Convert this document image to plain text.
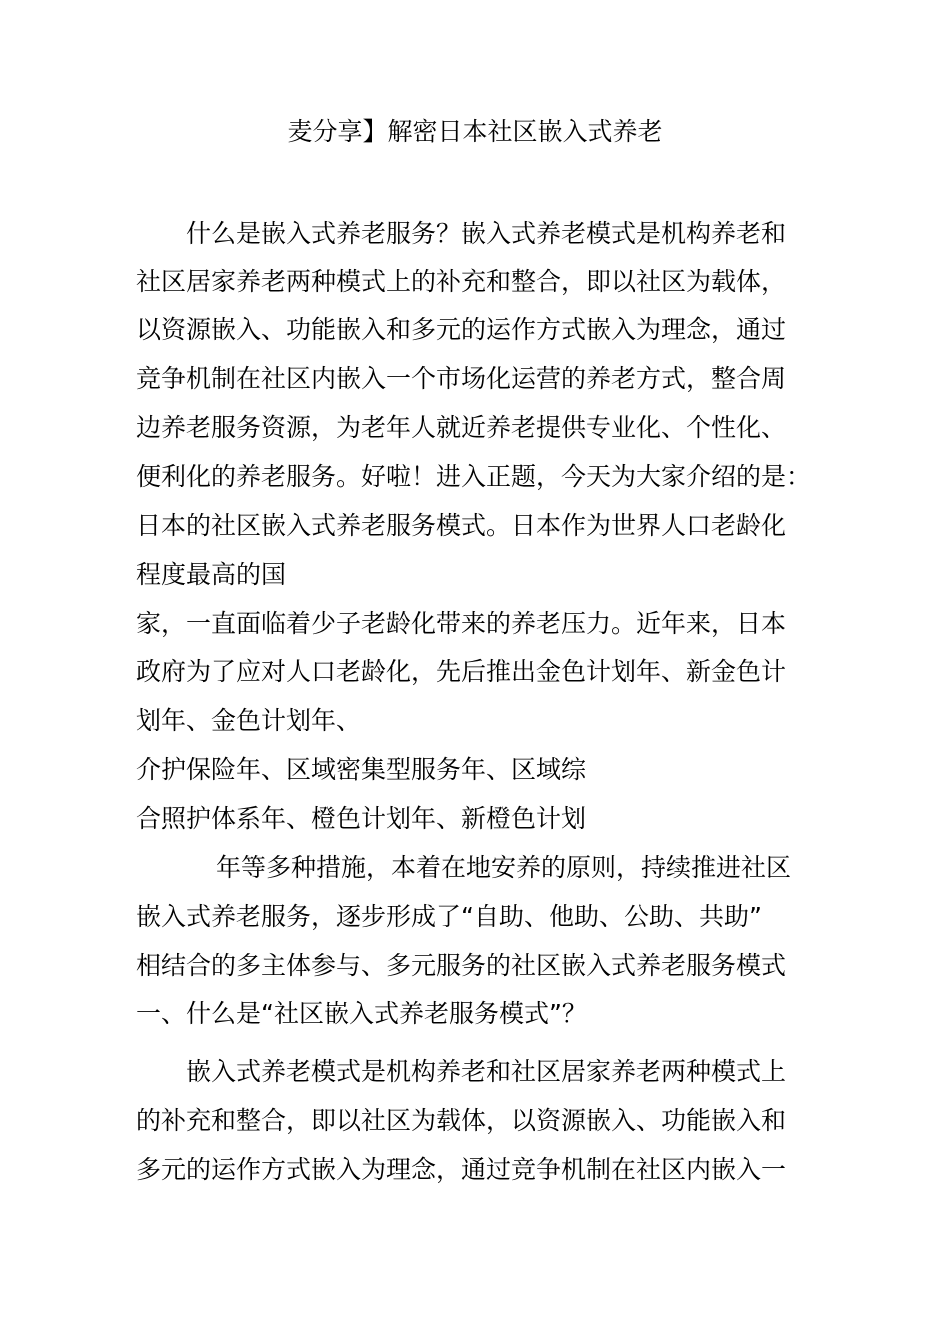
麦分享】解密日本社区嵌入式养老
什么是嵌入式养老服务？嵌入式养老模式是机构养老和
社区居家养老两种模式上的补充和整合，即以社区为载体，
以资源嵌入、功能嵌入和多元的运作方式嵌入为理念，通过
竞争机制在社区内嵌入一个市场化运营的养老方式，整合周
边养老服务资源，为老年人就近养老提供专业化、个性化、
便利化的养老服务。好啦！进入正题，今天为大家介绍的是：
日本的社区嵌入式养老服务模式。日本作为世界人口老龄化
程度最高的国
家，一直面临着少子老龄化带来的养老压力。近年来，日本
政府为了应对人口老龄化，先后推出金色计划年、新金色计
划年、金色计划年、
介护保险年、区域密集型服务年、区域综
合照护体系年、橙色计划年、新橙色计划
年等多种措施，本着在地安养的原则，持续推进社区
嵌入式养老服务，逐步形成了“自助、他助、公助、共助”
相结合的多主体参与、多元服务的社区嵌入式养老服务模式
一、什么是“社区嵌入式养老服务模式”？
嵌入式养老模式是机构养老和社区居家养老两种模式上
的补充和整合，即以社区为载体，以资源嵌入、功能嵌入和
多元的运作方式嵌入为理念，通过竞争机制在社区内嵌入一
